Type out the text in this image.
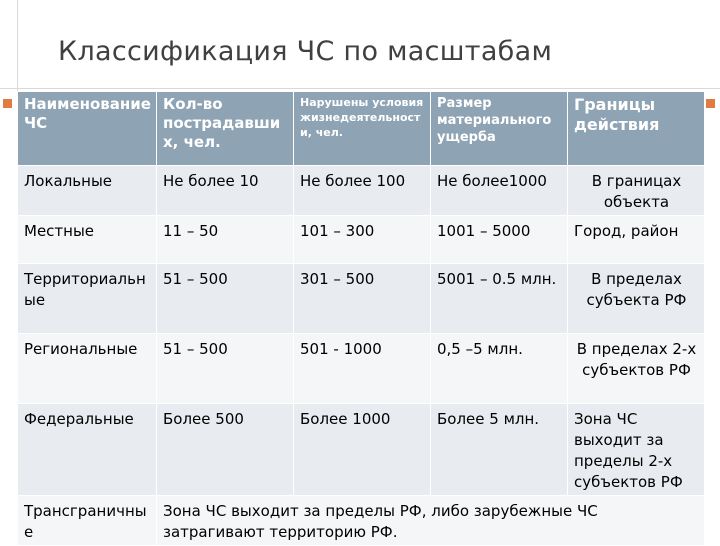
Классификация ЧС по масштабам
Наименование ЧС	Кол-во пострадавших, чел.	Нарушены условия жизнедеятельности, чел.	Размер материального ущерба	Границы действия
Локальные	Не более 10	Не более 100	Не более1000	В границах объекта
Местные	11 – 50	101 – 300	1001 – 5000	Город, район
Территориальные	51 – 500	301 – 500	5001 – 0.5 млн.	В пределах субъекта РФ
Региональные	51 – 500	501 - 1000	0,5 –5 млн.	В пределах 2-х субъектов РФ
Федеральные	Более 500	Более 1000	Более 5 млн.	Зона ЧС выходит за пределы 2-х субъектов РФ
Трансграничные	Зона ЧС выходит за пределы РФ, либо зарубежные ЧС затрагивают территорию РФ.			
